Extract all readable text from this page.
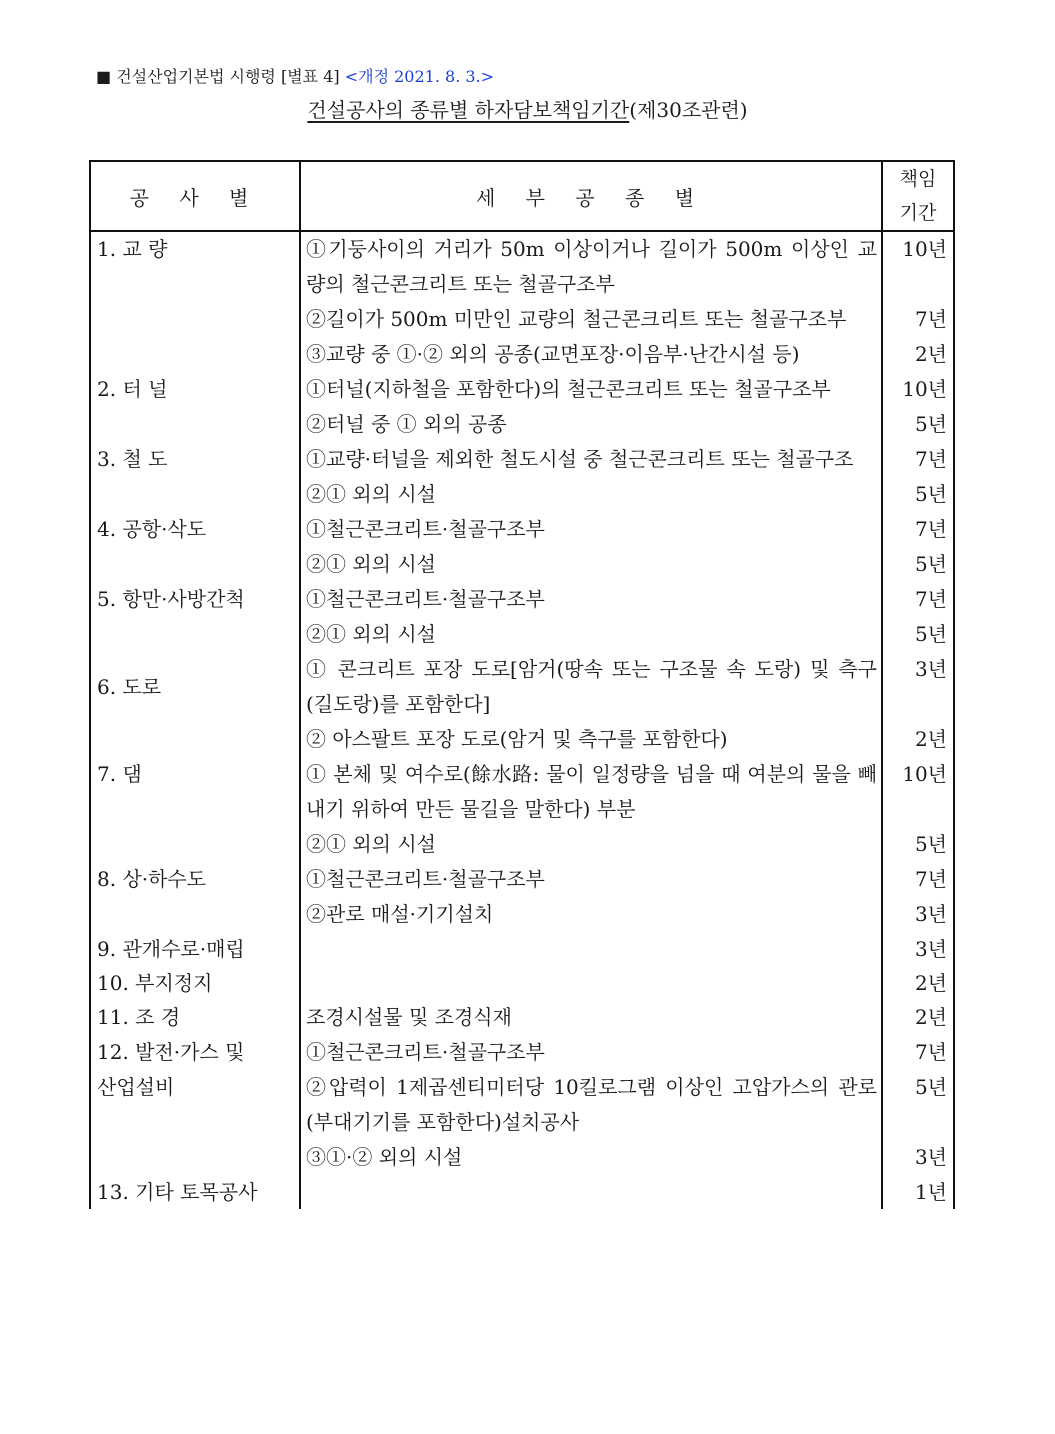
■ 건설산업기본법 시행령 [별표 4] <개정 2021. 8. 3.>
건설공사의 종류별 하자담보책임기간(제30조관련)
공 사 별	세 부 공 종 별	책임
기간
1. 교 량	①기둥사이의 거리가 50m 이상이거나 길이가 500m 이상인 교량의 철근콘크리트 또는 철골구조부	10년
	②길이가 500m 미만인 교량의 철근콘크리트 또는 철골구조부	7년
	③교량 중 ①·② 외의 공종(교면포장·이음부·난간시설 등)	2년
2. 터 널	①터널(지하철을 포함한다)의 철근콘크리트 또는 철골구조부	10년
	②터널 중 ① 외의 공종	5년
3. 철 도	①교량·터널을 제외한 철도시설 중 철근콘크리트 또는 철골구조	7년
	②① 외의 시설	5년
4. 공항·삭도	①철근콘크리트·철골구조부	7년
	②① 외의 시설	5년
5. 항만·사방간척	①철근콘크리트·철골구조부	7년
	②① 외의 시설	5년
6. 도로	① 콘크리트 포장 도로[암거(땅속 또는 구조물 속 도랑) 및 측구(길도랑)를 포함한다]	3년
	② 아스팔트 포장 도로(암거 및 측구를 포함한다)	2년
7. 댐	① 본체 및 여수로(餘水路: 물이 일정량을 넘을 때 여분의 물을 빼내기 위하여 만든 물길을 말한다) 부분	10년
	②① 외의 시설	5년
8. 상·하수도	①철근콘크리트·철골구조부	7년
	②관로 매설·기기설치	3년
9. 관개수로·매립		3년
10. 부지정지		2년
11. 조 경	조경시설물 및 조경식재	2년
12. 발전·가스 및	①철근콘크리트·철골구조부	7년
산업설비	②압력이 1제곱센티미터당 10킬로그램 이상인 고압가스의 관로(부대기기를 포함한다)설치공사	5년
	③①·② 외의 시설	3년
13. 기타 토목공사		1년
